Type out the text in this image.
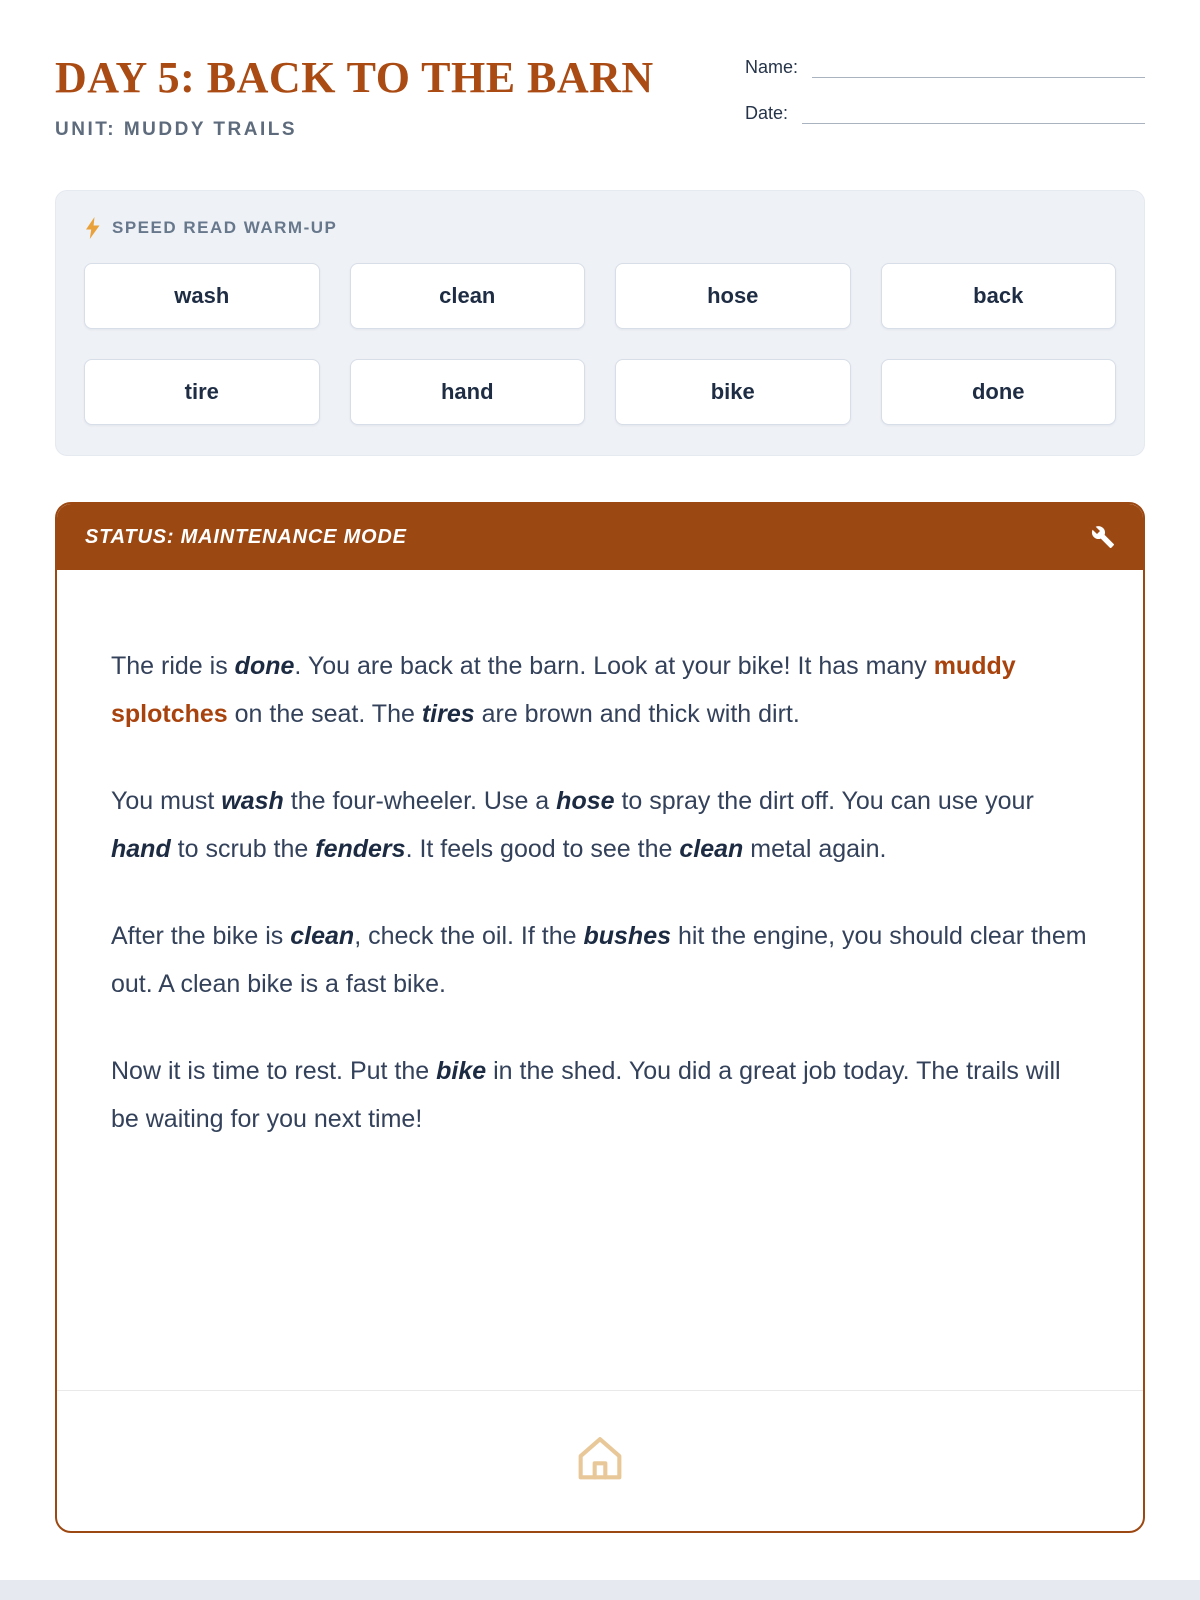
DAY 5: BACK TO THE BARN
UNIT: MUDDY TRAILS
Name:
Date:
SPEED READ WARM-UP
wash	clean	hose	back
tire	hand	bike	done
STATUS: MAINTENANCE MODE

The ride is done. You are back at the barn. Look at your bike! It has many muddy splotches on the seat. The tires are brown and thick with dirt.

You must wash the four-wheeler. Use a hose to spray the dirt off. You can use your hand to scrub the fenders. It feels good to see the clean metal again.

After the bike is clean, check the oil. If the bushes hit the engine, you should clear them out. A clean bike is a fast bike.

Now it is time to rest. Put the bike in the shed. You did a great job today. The trails will be waiting for you next time!
